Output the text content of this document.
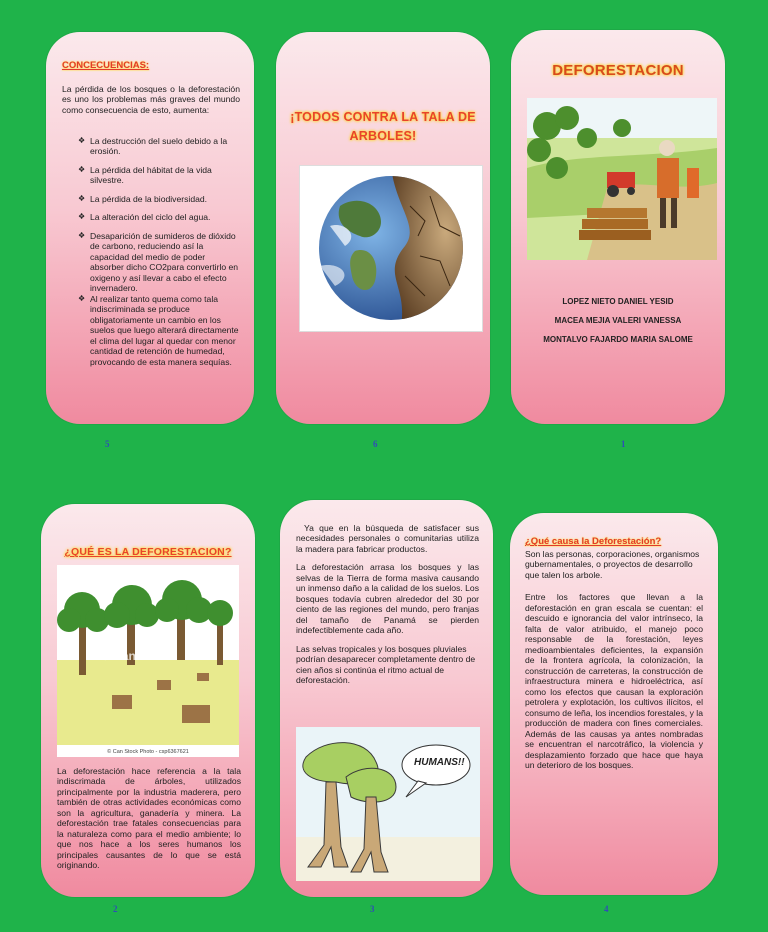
CONCECUENCIAS:
La pérdida de los bosques o la deforestación es uno los problemas más graves del mundo como consecuencia de esto, aumenta:
❖ La destrucción del suelo debido a la erosión.
❖ La pérdida del hábitat de la vida silvestre.
❖ La pérdida de la biodiversidad.
❖ La alteración del ciclo del agua.
❖ Desaparición de sumideros de dióxido de carbono, reduciendo así la capacidad del medio de poder absorber dicho CO2para convertirlo en oxigeno y así llevar a cabo el efecto invernadero.
❖ Al realizar tanto quema como tala indiscriminada se produce obligatoriamente un cambio en los suelos que luego alterará directamente el clima del lugar al quedar con menor cantidad de retención de humedad, provocando de esta manera sequías.
5
¡TODOS CONTRA LA TALA DE ARBOLES!
6
DEFORESTACION
LOPEZ NIETO DANIEL YESID
MACEA MEJIA VALERI VANESSA
MONTALVO FAJARDO MARIA SALOME
1
¿QUÉ ES LA DEFORESTACION?
© Can Stock
© Can Stock Photo - csp6367621
La deforestación hace referencia a la tala indiscrimada de árboles, utilizados principalmente por la industria maderera, pero también de otras actividades económicas como son la agricultura, ganadería y minera. La deforestación trae fatales consecuencias para la naturaleza como para el medio ambiente; lo que nos hace a los seres humanos los principales causantes de lo que se está originando.
2

Ya que en la búsqueda de satisfacer sus necesidades personales o comunitarias utiliza la madera para fabricar productos.

La deforestación arrasa los bosques y las selvas de la Tierra de forma masiva causando un inmenso daño a la calidad de los suelos. Los bosques todavía cubren alrededor del 30 por ciento de las regiones del mundo, pero franjas del tamaño de Panamá se pierden indefectiblemente cada año.

Las selvas tropicales y los bosques pluviales podrían desaparecer completamente dentro de cien años si continúa el ritmo actual de deforestación.

HUMANS!!
3
¿Qué causa la Deforestación?

Son las personas, corporaciones, organismos gubernamentales, o proyectos de desarrollo que talen los arbole.

Entre los factores que llevan a la deforestación en gran escala se cuentan: el descuido e ignorancia del valor intrínseco, la falta de valor atribuido, el manejo poco responsable de la forestación, leyes medioambientales deficientes, la expansión de la frontera agrícola, la colonización, la construcción de carreteras, la construcción de infraestructura minera e hidroeléctrica, así como los efectos que causan la exploración petrolera y explotación, los cultivos ilícitos, el consumo de leña, los incendios forestales, y la producción de madera con fines comerciales. Además de las causas ya antes nombradas se encuentran el narcotráfico, la violencia y desplazamiento forzado que hace que haya un deterioro de los bosques.

4
